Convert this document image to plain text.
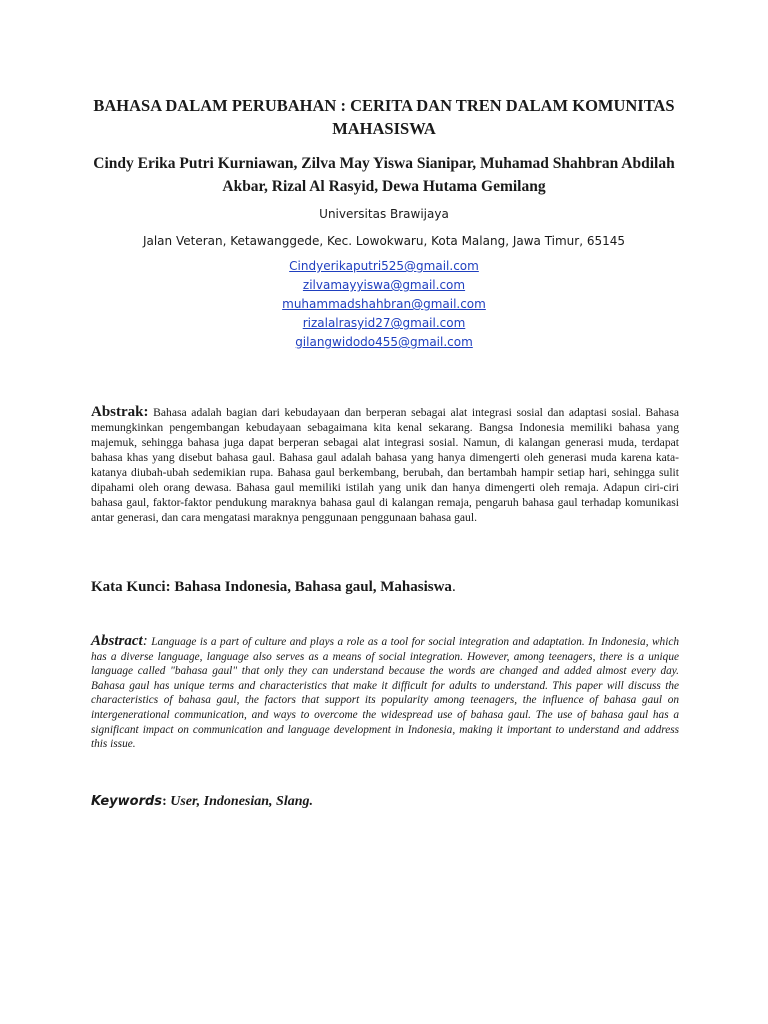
BAHASA DALAM PERUBAHAN : CERITA DAN TREN DALAM KOMUNITAS MAHASISWA
Cindy Erika Putri Kurniawan, Zilva May Yiswa Sianipar, Muhamad Shahbran Abdilah Akbar, Rizal Al Rasyid, Dewa Hutama Gemilang
Universitas Brawijaya
Jalan Veteran, Ketawanggede, Kec. Lowokwaru, Kota Malang, Jawa Timur, 65145
Cindyerikaputri525@gmail.com
zilvamayyiswa@gmail.com
muhammadshahbran@gmail.com
rizalalrasyid27@gmail.com
gilangwidodo455@gmail.com
Abstrak: Bahasa adalah bagian dari kebudayaan dan berperan sebagai alat integrasi sosial dan adaptasi sosial. Bahasa memungkinkan pengembangan kebudayaan sebagaimana kita kenal sekarang. Bangsa Indonesia memiliki bahasa yang majemuk, sehingga bahasa juga dapat berperan sebagai alat integrasi sosial. Namun, di kalangan generasi muda, terdapat bahasa khas yang disebut bahasa gaul. Bahasa gaul adalah bahasa yang hanya dimengerti oleh generasi muda karena kata-katanya diubah-ubah sedemikian rupa. Bahasa gaul berkembang, berubah, dan bertambah hampir setiap hari, sehingga sulit dipahami oleh orang dewasa. Bahasa gaul memiliki istilah yang unik dan hanya dimengerti oleh remaja. Adapun ciri-ciri bahasa gaul, faktor-faktor pendukung maraknya bahasa gaul di kalangan remaja, pengaruh bahasa gaul terhadap komunikasi antar generasi, dan cara mengatasi maraknya penggunaan penggunaan bahasa gaul.
Kata Kunci: Bahasa Indonesia, Bahasa gaul, Mahasiswa.
Abstract: Language is a part of culture and plays a role as a tool for social integration and adaptation. In Indonesia, which has a diverse language, language also serves as a means of social integration. However, among teenagers, there is a unique language called "bahasa gaul" that only they can understand because the words are changed and added almost every day. Bahasa gaul has unique terms and characteristics that make it difficult for adults to understand. This paper will discuss the characteristics of bahasa gaul, the factors that support its popularity among teenagers, the influence of bahasa gaul on intergenerational communication, and ways to overcome the widespread use of bahasa gaul. The use of bahasa gaul has a significant impact on communication and language development in Indonesia, making it important to understand and address this issue.
Keywords: User, Indonesian, Slang.
